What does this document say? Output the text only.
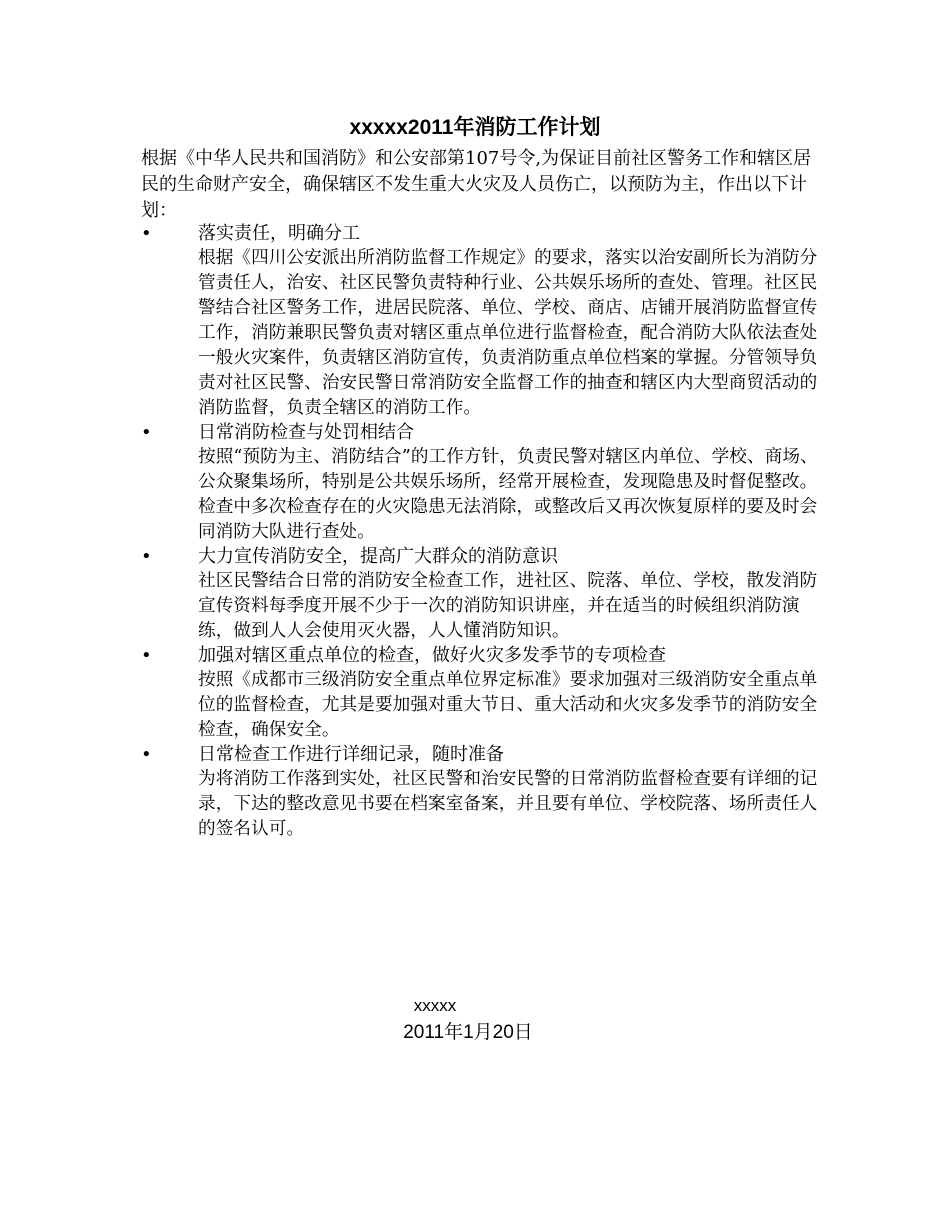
xxxxx2011年消防工作计划

根据《中华人民共和国消防》和公安部第107号令,为保证目前社区警务工作和辖区居民的生命财产安全，确保辖区不发生重大火灾及人员伤亡，以预防为主，作出以下计划：

•	落实责任，明确分工
根据《四川公安派出所消防监督工作规定》的要求，落实以治安副所长为消防分管责任人，治安、社区民警负责特种行业、公共娱乐场所的查处、管理。社区民警结合社区警务工作，进居民院落、单位、学校、商店、店铺开展消防监督宣传工作，消防兼职民警负责对辖区重点单位进行监督检查，配合消防大队依法查处一般火灾案件，负责辖区消防宣传，负责消防重点单位档案的掌握。分管领导负责对社区民警、治安民警日常消防安全监督工作的抽查和辖区内大型商贸活动的消防监督，负责全辖区的消防工作。
•	日常消防检查与处罚相结合
按照“预防为主、消防结合”的工作方针，负责民警对辖区内单位、学校、商场、公众聚集场所，特别是公共娱乐场所，经常开展检查，发现隐患及时督促整改。检查中多次检查存在的火灾隐患无法消除，或整改后又再次恢复原样的要及时会同消防大队进行查处。
•	大力宣传消防安全，提高广大群众的消防意识
社区民警结合日常的消防安全检查工作，进社区、院落、单位、学校，散发消防宣传资料每季度开展不少于一次的消防知识讲座，并在适当的时候组织消防演练，做到人人会使用灭火器，人人懂消防知识。
•	加强对辖区重点单位的检查，做好火灾多发季节的专项检查
按照《成都市三级消防安全重点单位界定标准》要求加强对三级消防安全重点单位的监督检查，尤其是要加强对重大节日、重大活动和火灾多发季节的消防安全检查，确保安全。
•	日常检查工作进行详细记录，随时准备
为将消防工作落到实处，社区民警和治安民警的日常消防监督检查要有详细的记录，下达的整改意见书要在档案室备案，并且要有单位、学校院落、场所责任人的签名认可。
xxxxx
2011年1月20日
